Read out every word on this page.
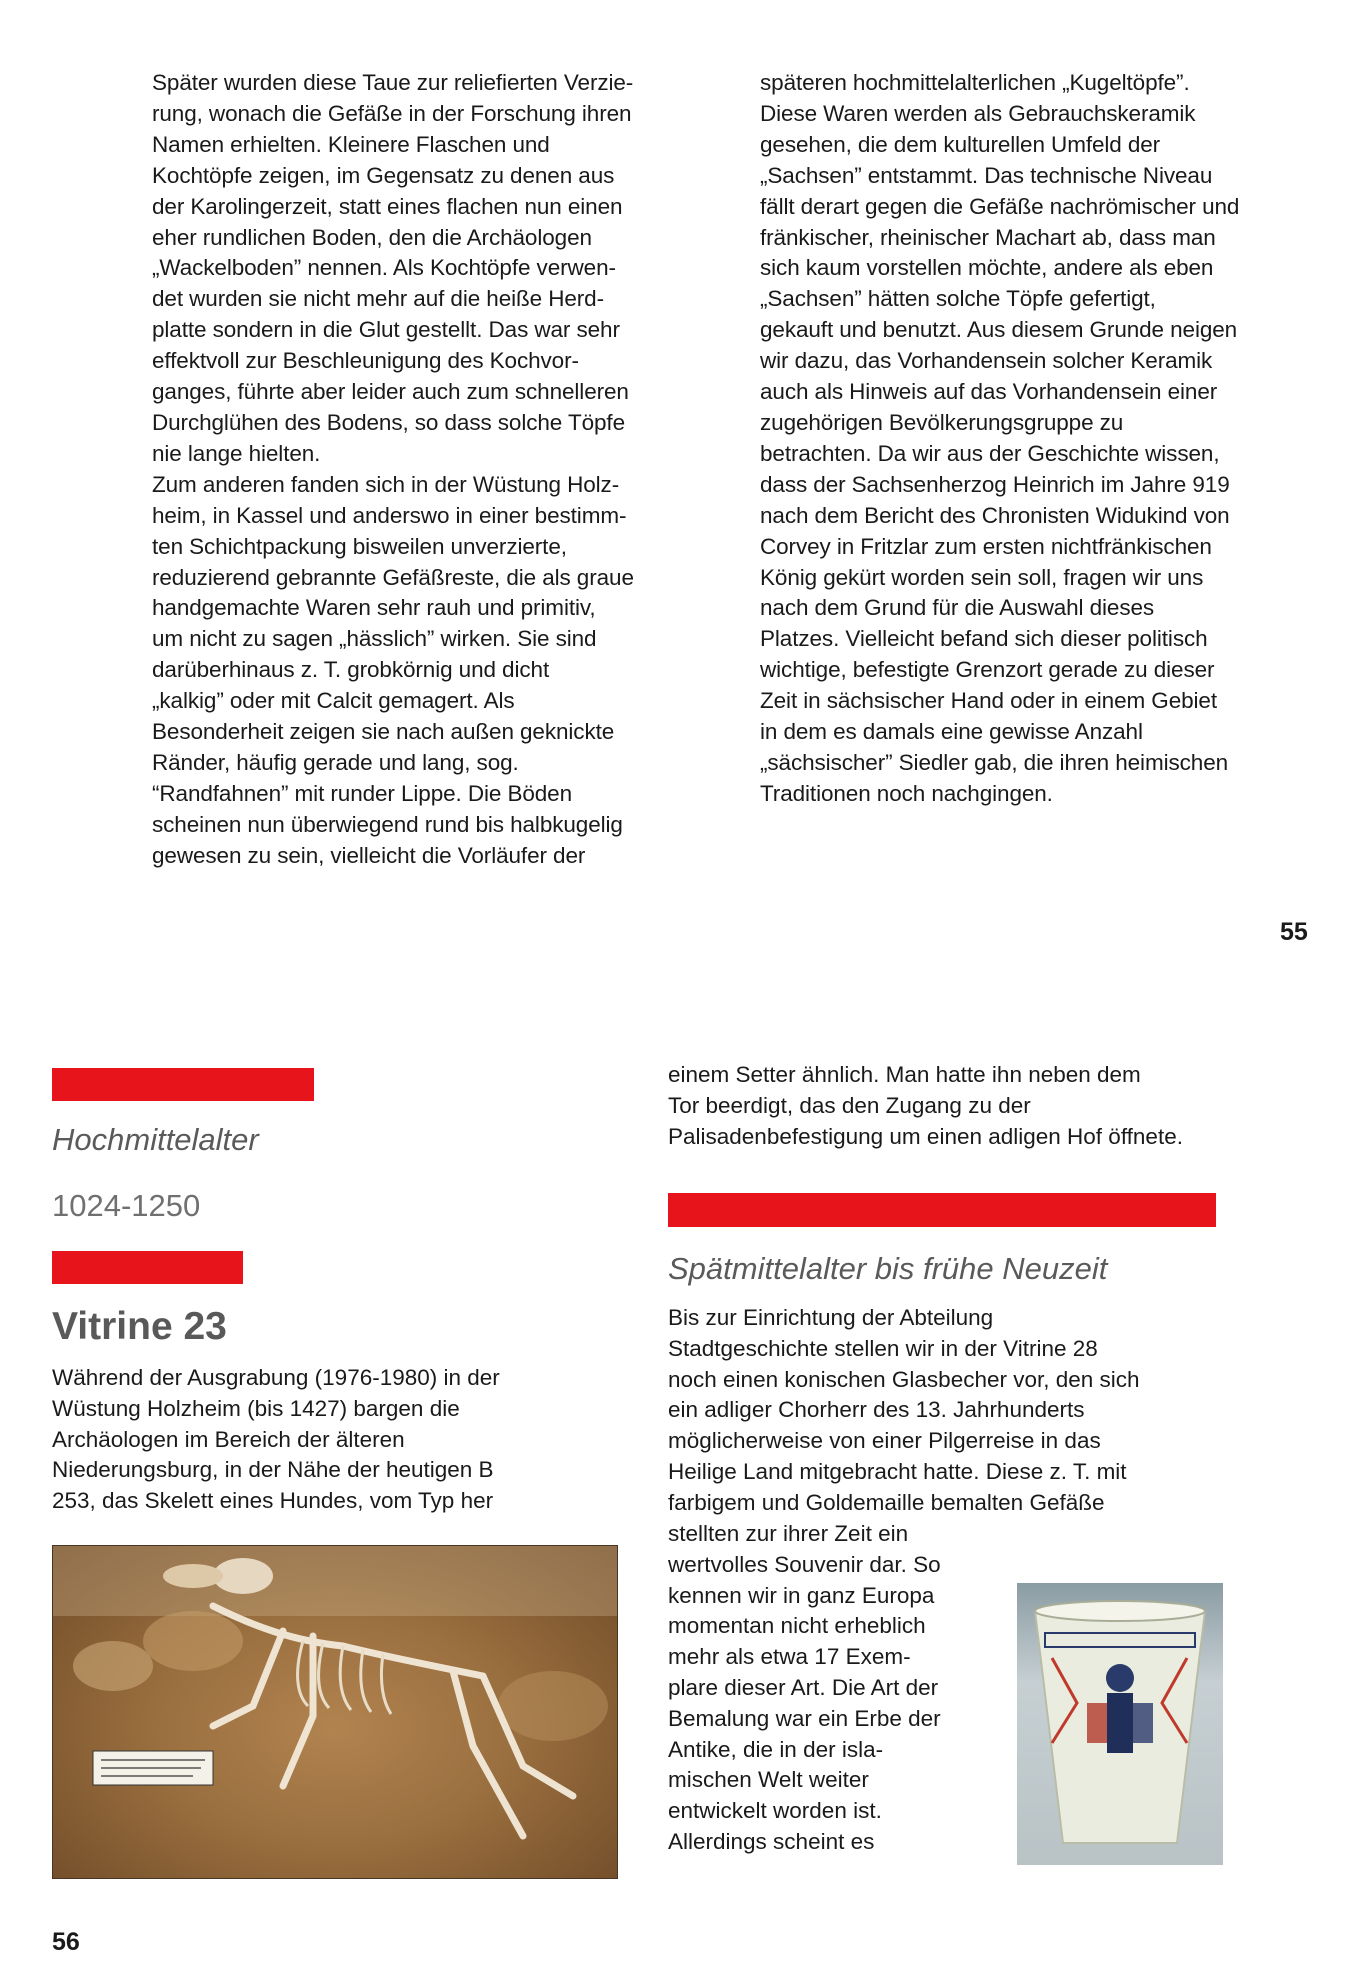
Später wurden diese Taue zur reliefierten Verzie-
rung, wonach die Gefäße in der Forschung ihren
Namen erhielten. Kleinere Flaschen und
Kochtöpfe zeigen, im Gegensatz zu denen aus
der Karolingerzeit, statt eines flachen nun einen
eher rundlichen Boden, den die Archäologen
„Wackelboden” nennen. Als Kochtöpfe verwen-
det wurden sie nicht mehr auf die heiße Herd-
platte sondern in die Glut gestellt. Das war sehr
effektvoll zur Beschleunigung des Kochvor-
ganges, führte aber leider auch zum schnelleren
Durchglühen des Bodens, so dass solche Töpfe
nie lange hielten.
Zum anderen fanden sich in der Wüstung Holz-
heim, in Kassel und anderswo in einer bestimm-
ten Schichtpackung bisweilen unverzierte,
reduzierend gebrannte Gefäßreste, die als graue
handgemachte Waren sehr rauh und primitiv,
um nicht zu sagen „hässlich” wirken. Sie sind
darüberhinaus z. T. grobkörnig und dicht
„kalkig” oder mit Calcit gemagert. Als
Besonderheit zeigen sie nach außen geknickte
Ränder, häufig gerade und lang, sog.
“Randfahnen” mit runder Lippe. Die Böden
scheinen nun überwiegend rund bis halbkugelig
gewesen zu sein, vielleicht die Vorläufer der

späteren hochmittelalterlichen „Kugeltöpfe”.
Diese Waren werden als Gebrauchskeramik
gesehen, die dem kulturellen Umfeld der
„Sachsen” entstammt. Das technische Niveau
fällt derart gegen die Gefäße nachrömischer und
fränkischer, rheinischer Machart ab, dass man
sich kaum vorstellen möchte, andere als eben
„Sachsen” hätten solche Töpfe gefertigt,
gekauft und benutzt. Aus diesem Grunde neigen
wir dazu, das Vorhandensein solcher Keramik
auch als Hinweis auf das Vorhandensein einer
zugehörigen Bevölkerungsgruppe zu
betrachten. Da wir aus der Geschichte wissen,
dass der Sachsenherzog Heinrich im Jahre 919
nach dem Bericht des Chronisten Widukind von
Corvey in Fritzlar zum ersten nichtfränkischen
König gekürt worden sein soll, fragen wir uns
nach dem Grund für die Auswahl dieses
Platzes. Vielleicht befand sich dieser politisch
wichtige, befestigte Grenzort gerade zu dieser
Zeit in sächsischer Hand oder in einem Gebiet
in dem es damals eine gewisse Anzahl
„sächsischer” Siedler gab, die ihren heimischen
Traditionen noch nachgingen.

55
Hochmittelalter
1024-1250
Vitrine 23

Während der Ausgrabung (1976-1980) in der
Wüstung Holzheim (bis 1427) bargen die
Archäologen im Bereich der älteren
Niederungsburg, in der Nähe der heutigen B
253, das Skelett eines Hundes, vom Typ her

einem Setter ähnlich. Man hatte ihn neben dem
Tor beerdigt, das den Zugang zu der
Palisadenbefestigung um einen adligen Hof öffnete.

Spätmittelalter bis frühe Neuzeit

Bis zur Einrichtung der Abteilung
Stadtgeschichte stellen wir in der Vitrine 28
noch einen konischen Glasbecher vor, den sich
ein adliger Chorherr des 13. Jahrhunderts
möglicherweise von einer Pilgerreise in das
Heilige Land mitgebracht hatte. Diese z. T. mit
farbigem und Goldemaille bemalten Gefäße

stellten zur ihrer Zeit ein
wertvolles Souvenir dar. So
kennen wir in ganz Europa
momentan nicht erheblich
mehr als etwa 17 Exem-
plare dieser Art. Die Art der
Bemalung war ein Erbe der
Antike, die in der isla-
mischen Welt weiter
entwickelt worden ist.
Allerdings scheint es

56
